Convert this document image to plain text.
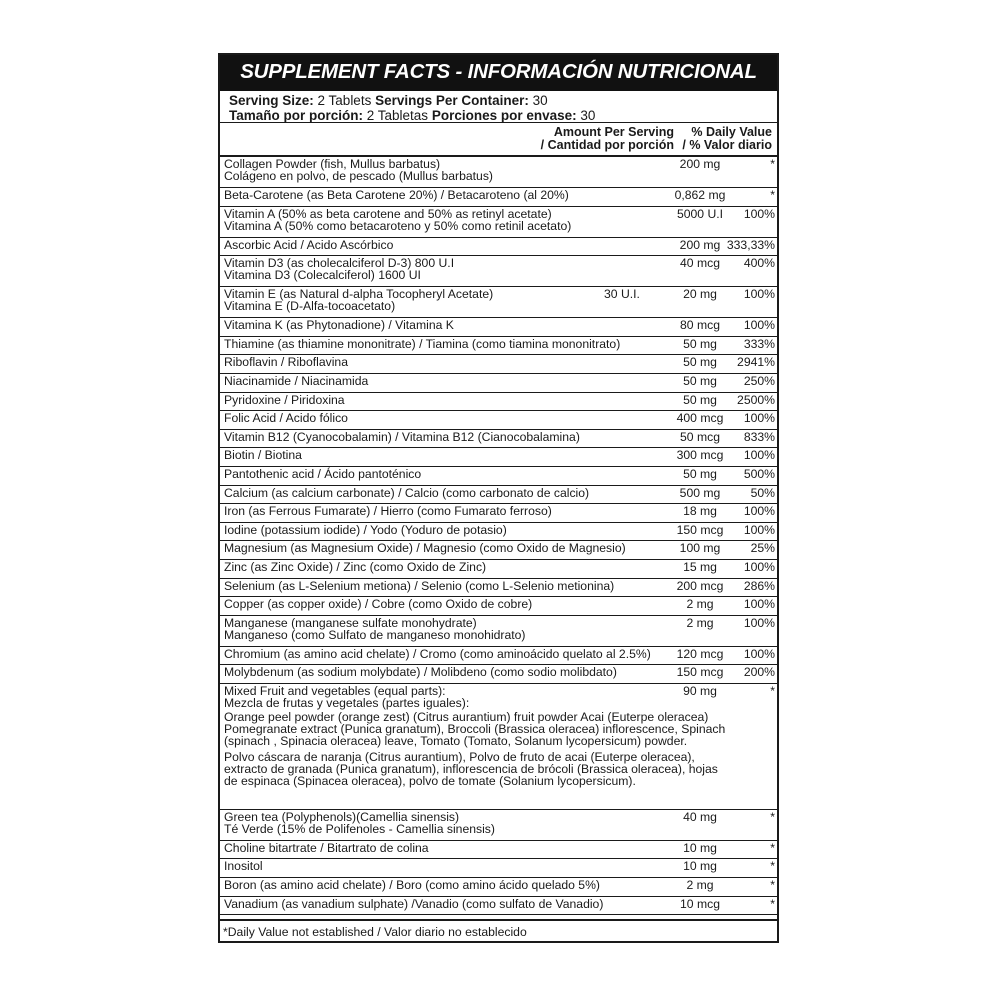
SUPPLEMENT FACTS - INFORMACIÓN NUTRICIONAL
Serving Size: 2 Tablets Servings Per Container: 30
Tamaño por porción: 2 Tabletas Porciones por envase: 30
Amount Per Serving
/ Cantidad por porción
% Daily Value
/ % Valor diario
Collagen Powder (fish, Mullus barbatus)
Colágeno en polvo, de pescado (Mullus barbatus)
200 mg	*
Beta-Carotene (as Beta Carotene 20%) / Betacaroteno (al 20%)	0,862 mg	*
Vitamin A (50% as beta carotene and 50% as retinyl acetate)
Vitamina A (50% como betacaroteno y 50% como retinil acetato)
5000 U.I	100%
Ascorbic Acid / Acido Ascórbico	200 mg 333,33%
Vitamin D3 (as cholecalciferol D-3) 800 U.I
Vitamina D3 (Colecalciferol) 1600 UI
40 mcg	400%
Vitamin E (as Natural d-alpha Tocopheryl Acetate)
Vitamina E (D-Alfa-tocoacetato)
30 U.I.	20 mg	100%
Vitamina K (as Phytonadione) / Vitamina K	80 mcg	100%
Thiamine (as thiamine mononitrate) / Tiamina (como tiamina mononitrato)	50 mg	333%
Riboflavin / Riboflavina	50 mg	2941%
Niacinamide / Niacinamida	50 mg	250%
Pyridoxine / Piridoxina	50 mg	2500%
Folic Acid / Acido fólico	400 mcg	100%
Vitamin B12 (Cyanocobalamin) / Vitamina B12 (Cianocobalamina)	50 mcg	833%
Biotin / Biotina	300 mcg	100%
Pantothenic acid / Ácido pantoténico	50 mg	500%
Calcium (as calcium carbonate) / Calcio (como carbonato de calcio)	500 mg	50%
Iron (as Ferrous Fumarate) / Hierro (como Fumarato ferroso)	18 mg	100%
Iodine (potassium iodide) / Yodo (Yoduro de potasio)	150 mcg	100%
Magnesium (as Magnesium Oxide) / Magnesio (como Oxido de Magnesio)	100 mg	25%
Zinc (as Zinc Oxide) / Zinc (como Oxido de Zinc)	15 mg	100%
Selenium (as L-Selenium metiona) / Selenio (como L-Selenio metionina)	200 mcg	286%
Copper (as copper oxide) / Cobre (como Oxido de cobre)	2 mg	100%
Manganese (manganese sulfate monohydrate)
Manganeso (como Sulfato de manganeso monohidrato)
2 mg	100%
Chromium (as amino acid chelate) / Cromo (como aminoácido quelato al 2.5%)	120 mcg	100%
Molybdenum (as sodium molybdate) / Molibdeno (como sodio molibdato)	150 mcg	200%
Mixed Fruit and vegetables (equal parts):
Mezcla de frutas y vegetales (partes iguales):
90 mg	*
Orange peel powder (orange zest) (Citrus aurantium) fruit powder Acai (Euterpe oleracea)
Pomegranate extract (Punica granatum), Broccoli (Brassica oleracea) inflorescence, Spinach
(spinach , Spinacia oleracea) leave, Tomato (Tomato, Solanum lycopersicum) powder.
Polvo cáscara de naranja (Citrus aurantium), Polvo de fruto de acai (Euterpe oleracea),
extracto de granada (Punica granatum), inflorescencia de brócoli (Brassica oleracea), hojas
de espinaca (Spinacea oleracea), polvo de tomate (Solanium lycopersicum).
Green tea (Polyphenols)(Camellia sinensis)
Té Verde (15% de Polifenoles - Camellia sinensis)
40 mg	*
Choline bitartrate / Bitartrato de colina	10 mg	*
Inositol	10 mg	*
Boron (as amino acid chelate) / Boro (como amino ácido quelado 5%)	2 mg	*
Vanadium (as vanadium sulphate) /Vanadio (como sulfato de Vanadio)	10 mcg	*
*Daily Value not established / Valor diario no establecido
